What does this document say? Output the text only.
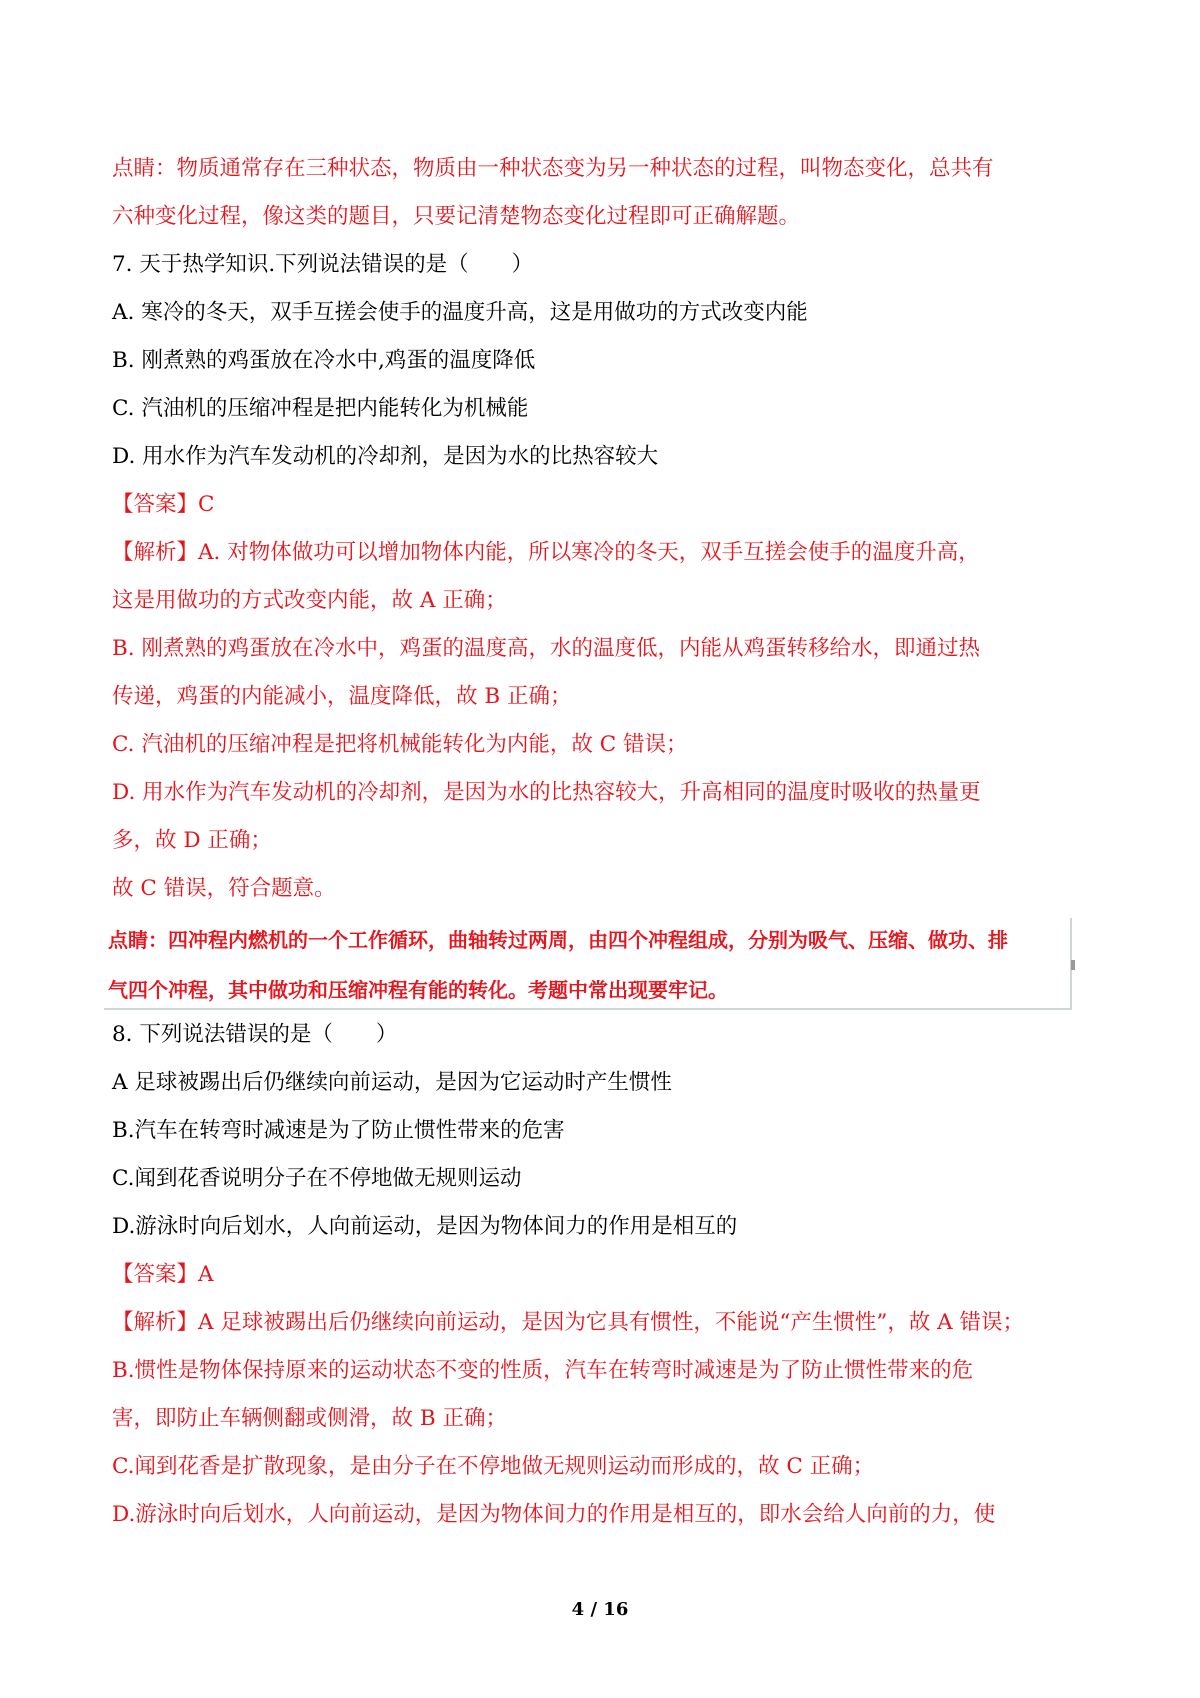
点睛：物质通常存在三种状态，物质由一种状态变为另一种状态的过程，叫物态变化，总共有
六种变化过程，像这类的题目，只要记清楚物态变化过程即可正确解题。
7. 天于热学知识.下列说法错误的是（　　）
A. 寒冷的冬天，双手互搓会使手的温度升高，这是用做功的方式改变内能
B. 刚煮熟的鸡蛋放在冷水中,鸡蛋的温度降低
C. 汽油机的压缩冲程是把内能转化为机械能
D. 用水作为汽车发动机的冷却剂，是因为水的比热容较大
【答案】C
【解析】A. 对物体做功可以增加物体内能，所以寒冷的冬天，双手互搓会使手的温度升高，
这是用做功的方式改变内能，故 A 正确；
B. 刚煮熟的鸡蛋放在冷水中，鸡蛋的温度高，水的温度低，内能从鸡蛋转移给水，即通过热
传递，鸡蛋的内能减小，温度降低，故 B 正确；
C. 汽油机的压缩冲程是把将机械能转化为内能，故 C 错误；
D. 用水作为汽车发动机的冷却剂，是因为水的比热容较大，升高相同的温度时吸收的热量更
多，故 D 正确；
故 C 错误，符合题意。
点睛：四冲程内燃机的一个工作循环，曲轴转过两周，由四个冲程组成，分别为吸气、压缩、做功、排
气四个冲程，其中做功和压缩冲程有能的转化。考题中常出现要牢记。
8. 下列说法错误的是（　　）
A 足球被踢出后仍继续向前运动，是因为它运动时产生惯性
B.汽车在转弯时减速是为了防止惯性带来的危害
C.闻到花香说明分子在不停地做无规则运动
D.游泳时向后划水，人向前运动，是因为物体间力的作用是相互的
【答案】A
【解析】A 足球被踢出后仍继续向前运动，是因为它具有惯性，不能说“产生惯性”，故 A 错误；
B.惯性是物体保持原来的运动状态不变的性质，汽车在转弯时减速是为了防止惯性带来的危
害，即防止车辆侧翻或侧滑，故 B 正确；
C.闻到花香是扩散现象，是由分子在不停地做无规则运动而形成的，故 C 正确；
D.游泳时向后划水，人向前运动，是因为物体间力的作用是相互的，即水会给人向前的力，使
4 / 16
